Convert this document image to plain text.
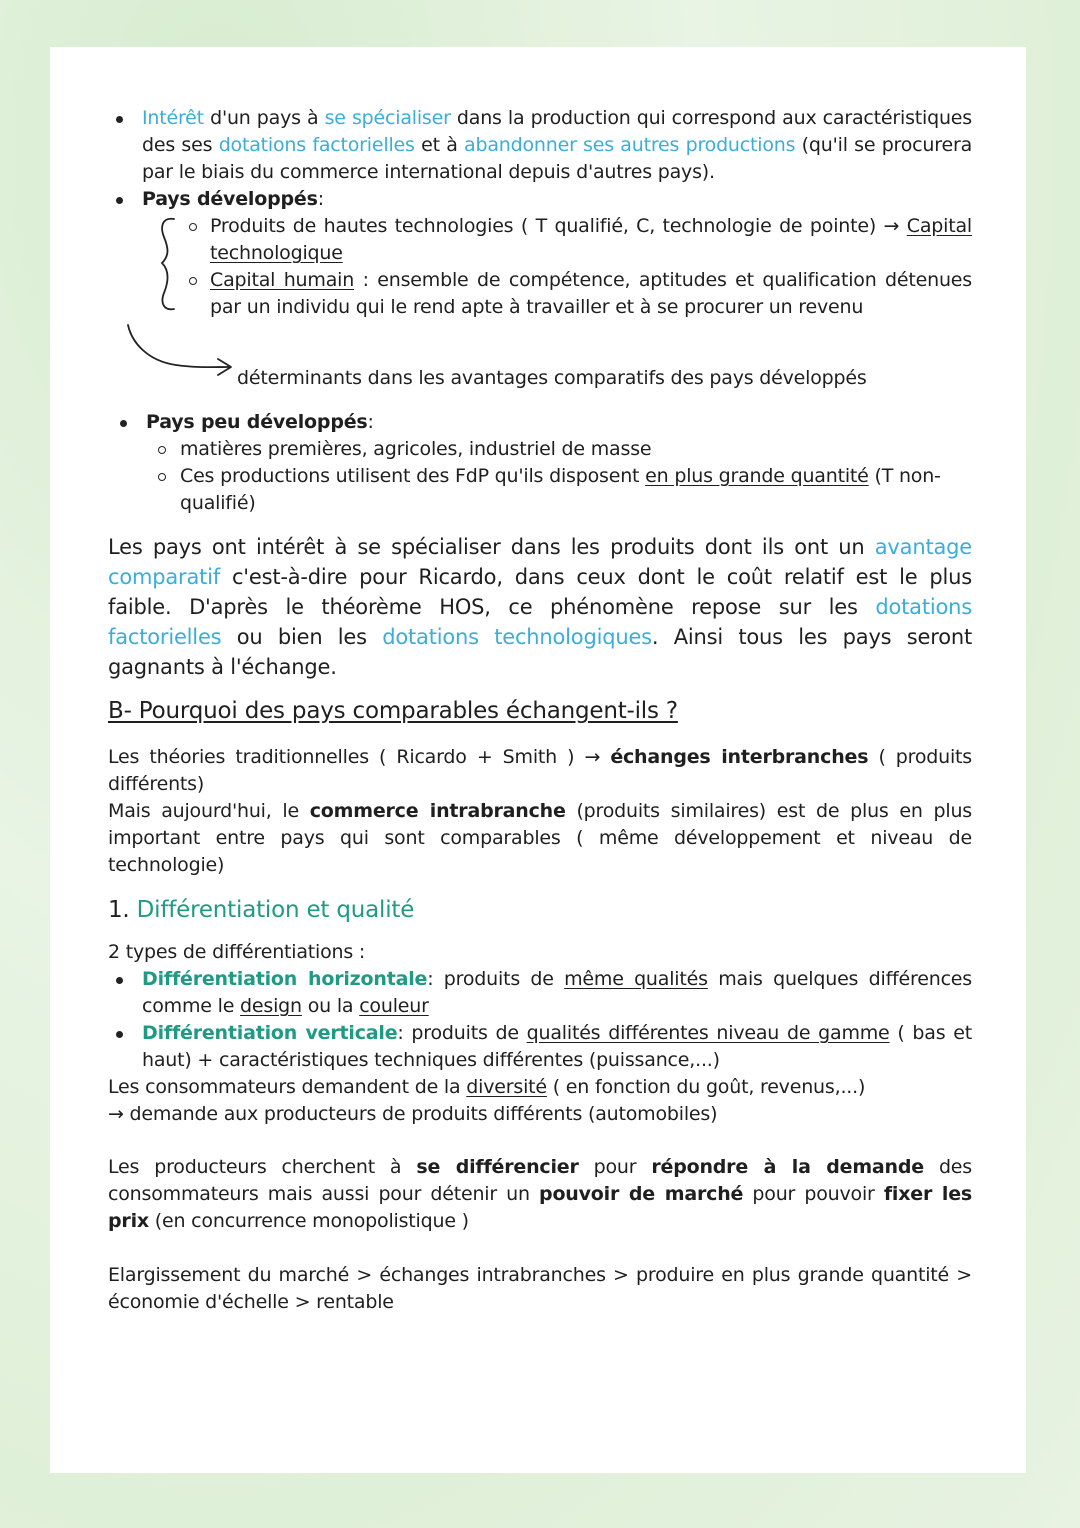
Intérêt d'un pays à se spécialiser dans la production qui correspond aux caractéristiques des ses dotations factorielles et à abandonner ses autres productions (qu'il se procurera par le biais du commerce international depuis d'autres pays).
Pays développés:
Produits de hautes technologies ( T qualifié, C, technologie de pointe) → Capital technologique
Capital humain : ensemble de compétence, aptitudes et qualification détenues par un individu qui le rend apte à travailler et à se procurer un revenu
déterminants dans les avantages comparatifs des pays développés
Pays peu développés:
matières premières, agricoles, industriel de masse
Ces productions utilisent des FdP qu'ils disposent en plus grande quantité (T non-qualifié)

Les pays ont intérêt à se spécialiser dans les produits dont ils ont un avantage comparatif c'est-à-dire pour Ricardo, dans ceux dont le coût relatif est le plus faible. D'après le théorème HOS, ce phénomène repose sur les dotations factorielles ou bien les dotations technologiques. Ainsi tous les pays seront gagnants à l'échange.

B- Pourquoi des pays comparables échangent-ils ?

Les théories traditionnelles ( Ricardo + Smith ) → échanges interbranches ( produits différents)

Mais aujourd'hui, le commerce intrabranche (produits similaires) est de plus en plus important entre pays qui sont comparables ( même développement et niveau de technologie)

1. Différentiation et qualité

2 types de différentiations :

Différentiation horizontale: produits de même qualités mais quelques différences comme le design ou la couleur
Différentiation verticale: produits de qualités différentes niveau de gamme ( bas et haut) + caractéristiques techniques différentes (puissance,...)

Les consommateurs demandent de la diversité ( en fonction du goût, revenus,...)

→ demande aux producteurs de produits différents (automobiles)

Les producteurs cherchent à se différencier pour répondre à la demande des consommateurs mais aussi pour détenir un pouvoir de marché pour pouvoir fixer les prix (en concurrence monopolistique )

Elargissement du marché > échanges intrabranches > produire en plus grande quantité > économie d'échelle > rentable
